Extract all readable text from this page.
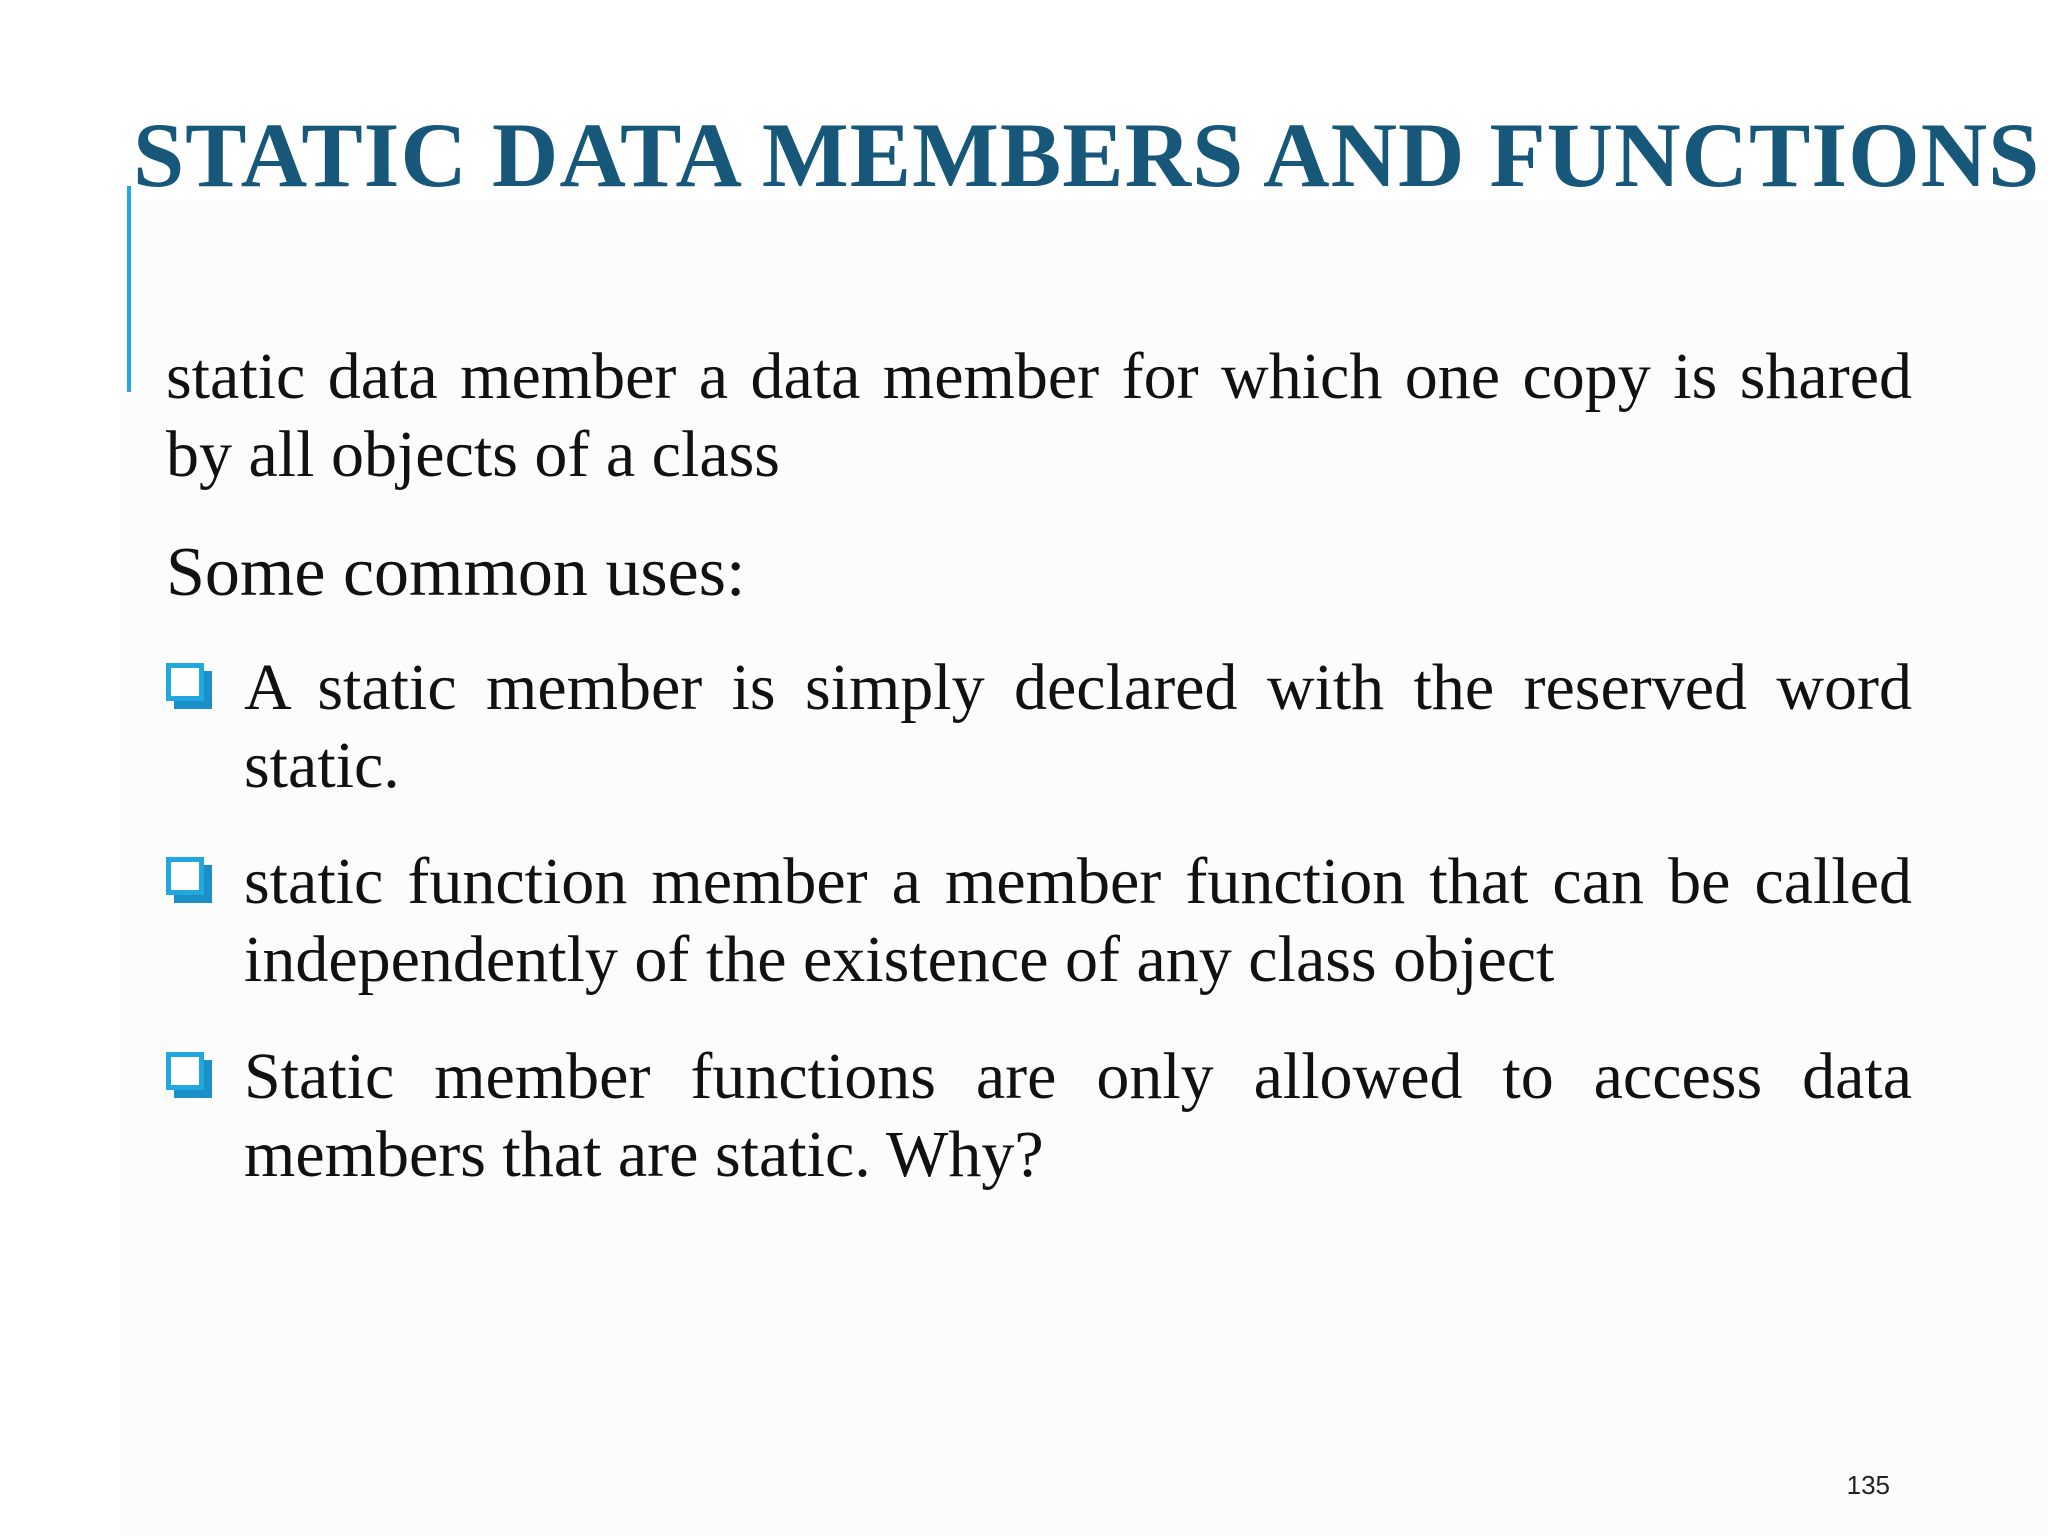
STATIC DATA MEMBERS AND FUNCTIONS

static data member a data member for which one copy is shared by all objects of a class

Some common uses:

A static member is simply declared with the reserved word static.

static function member a member function that can be called independently of the existence of any class object

Static member functions are only allowed to access data members that are static. Why?

135
